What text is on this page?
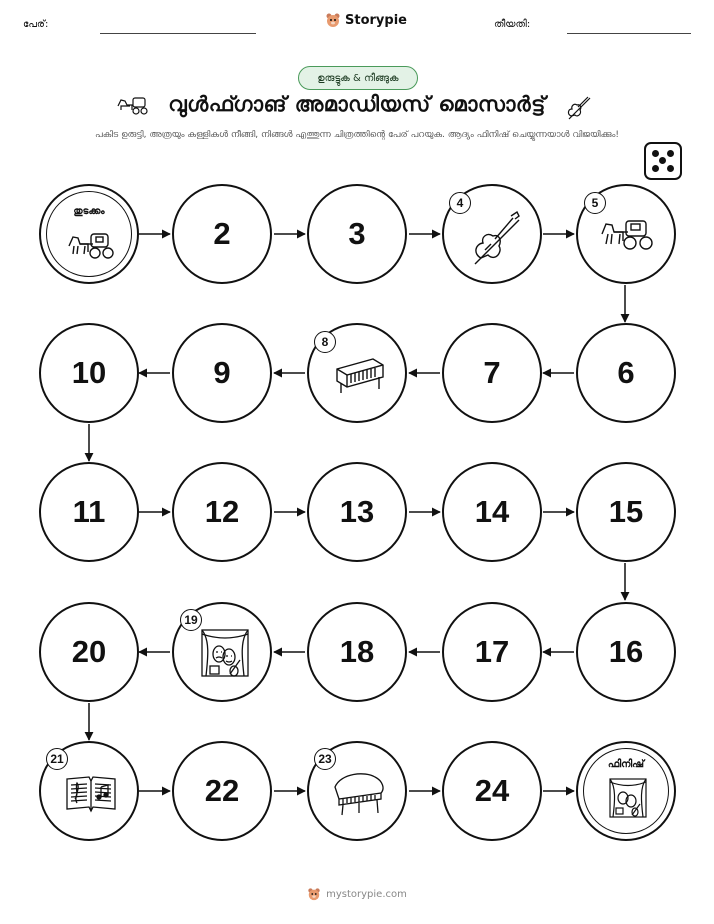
പേര്:	Storypie	തീയതി:
ഉരുട്ടുക & നീങ്ങുക
വുൾഫ്ഗാങ് അമാഡിയസ് മൊസാർട്ട്
പകിട ഉരുട്ടി, അത്രയും കള്ളികൾ നീങ്ങി, നിങ്ങൾ എത്തുന്ന ചിത്രത്തിന്റെ പേര് പറയുക. ആദ്യം ഫിനിഷ് ചെയ്യുന്നയാൾ വിജയിക്കും!
തുടക്കം
2	3
4	5
10	9
8
7	6
11	12	13	14	15
20
19
18	17	16
21
22
23
24
ഫിനിഷ്
mystorypie.com
